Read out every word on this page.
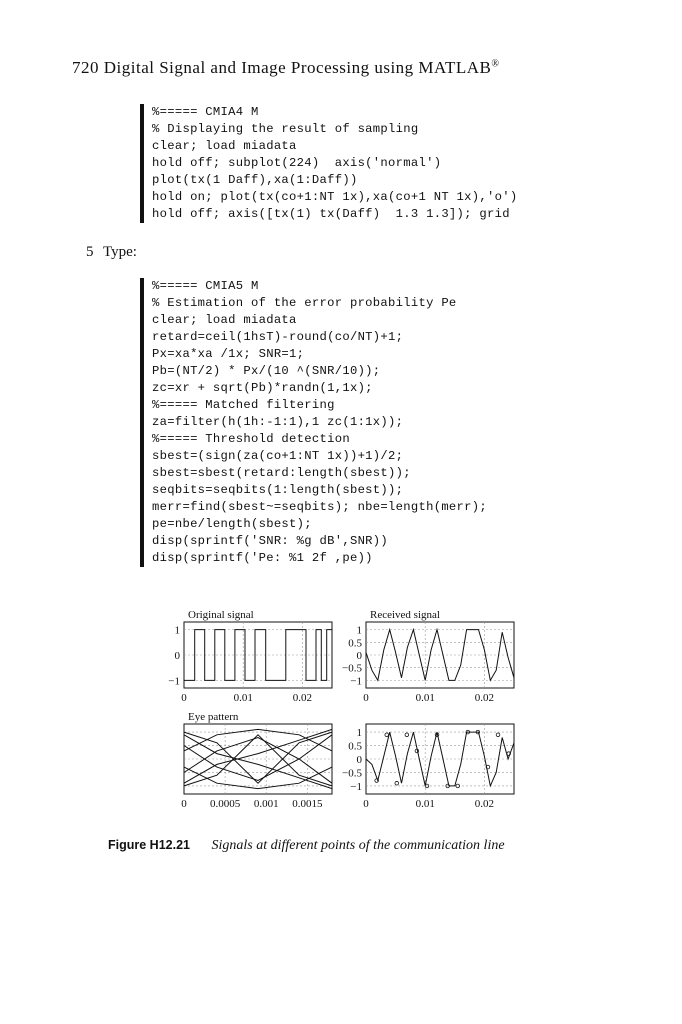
720 Digital Signal and Image Processing using MATLAB®
%===== CMIA4 M
% Displaying the result of sampling
clear; load miadata
hold off; subplot(224)  axis('normal')
plot(tx(1 Daff),xa(1:Daff))
hold on; plot(tx(co+1:NT 1x),xa(co+1 NT 1x),'o')
hold off; axis([tx(1) tx(Daff)  1.3 1.3]); grid
5 Type:
%===== CMIA5 M
% Estimation of the error probability Pe
clear; load miadata
retard=ceil(1hsT)-round(co/NT)+1;
Px=xa*xa /1x; SNR=1;
Pb=(NT/2) * Px/(10 ^(SNR/10));
zc=xr + sqrt(Pb)*randn(1,1x);
%===== Matched filtering
za=filter(h(1h:-1:1),1 zc(1:1x));
%===== Threshold detection
sbest=(sign(za(co+1:NT 1x))+1)/2;
sbest=sbest(retard:length(sbest));
seqbits=seqbits(1:length(sbest));
merr=find(sbest~=seqbits); nbe=length(merr);
pe=nbe/length(sbest);
disp(sprintf('SNR: %g dB',SNR))
disp(sprintf('Pe: %1 2f ,pe))
Original signal
1
0
−1
0	0.01	0.02
Received signal
1
0.5
0
−0.5
−1
0	0.01	0.02
Eye pattern
0 0.0005 0.001 0.0015
1
0.5
0
−0.5
−1
0	0.01	0.02
Figure H12.21 Signals at different points of the communication line
